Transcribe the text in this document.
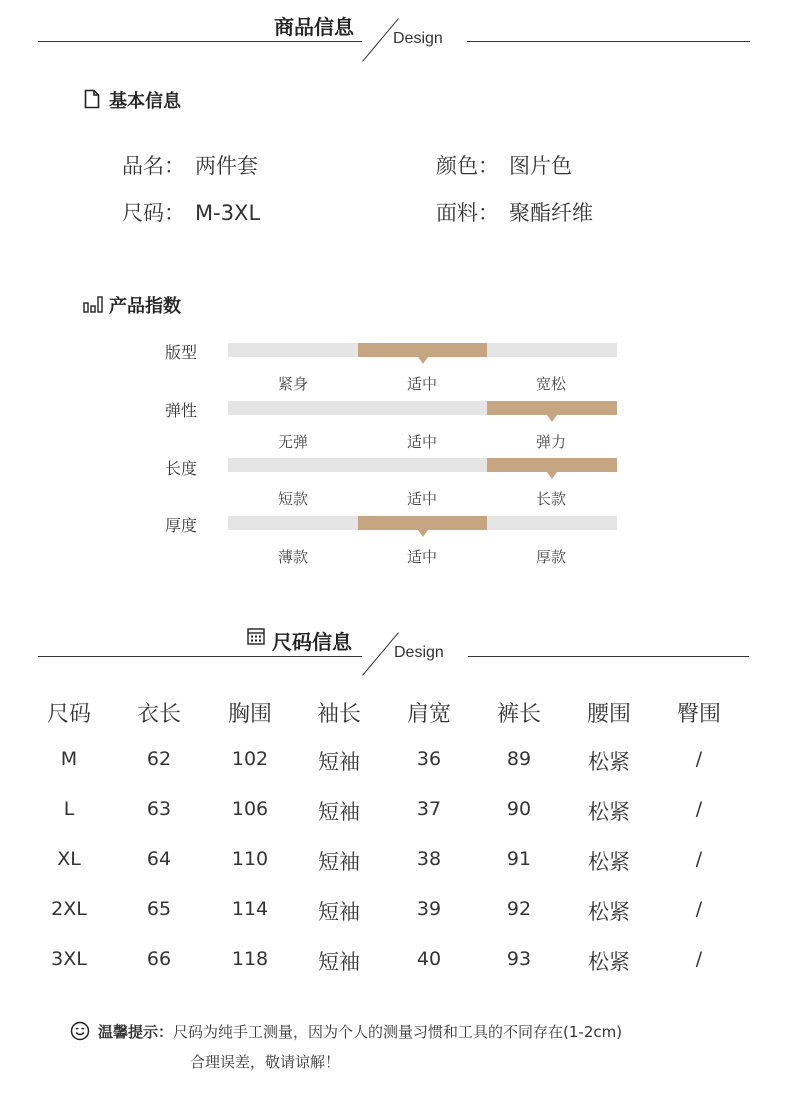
商品信息 Design
基本信息
品名： 两件套	颜色： 图片色
尺码： M-3XL	面料： 聚酯纤维
产品指数
版型
紧身	适中	宽松
弹性
无弹	适中	弹力
长度
短款	适中	长款
厚度
薄款	适中	厚款
尺码信息	Design
尺码	衣长	胸围	袖长	肩宽	裤长	腰围	臀围
M	62	102	短袖	36	89	松紧	/
L	63	106	短袖	37	90	松紧	/
XL	64	110	短袖	38	91	松紧	/
2XL	65	114	短袖	39	92	松紧	/
3XL	66	118	短袖	40	93	松紧	/
温馨提示：尺码为纯手工测量，因为个人的测量习惯和工具的不同存在(1-2cm)
合理误差，敬请谅解！
